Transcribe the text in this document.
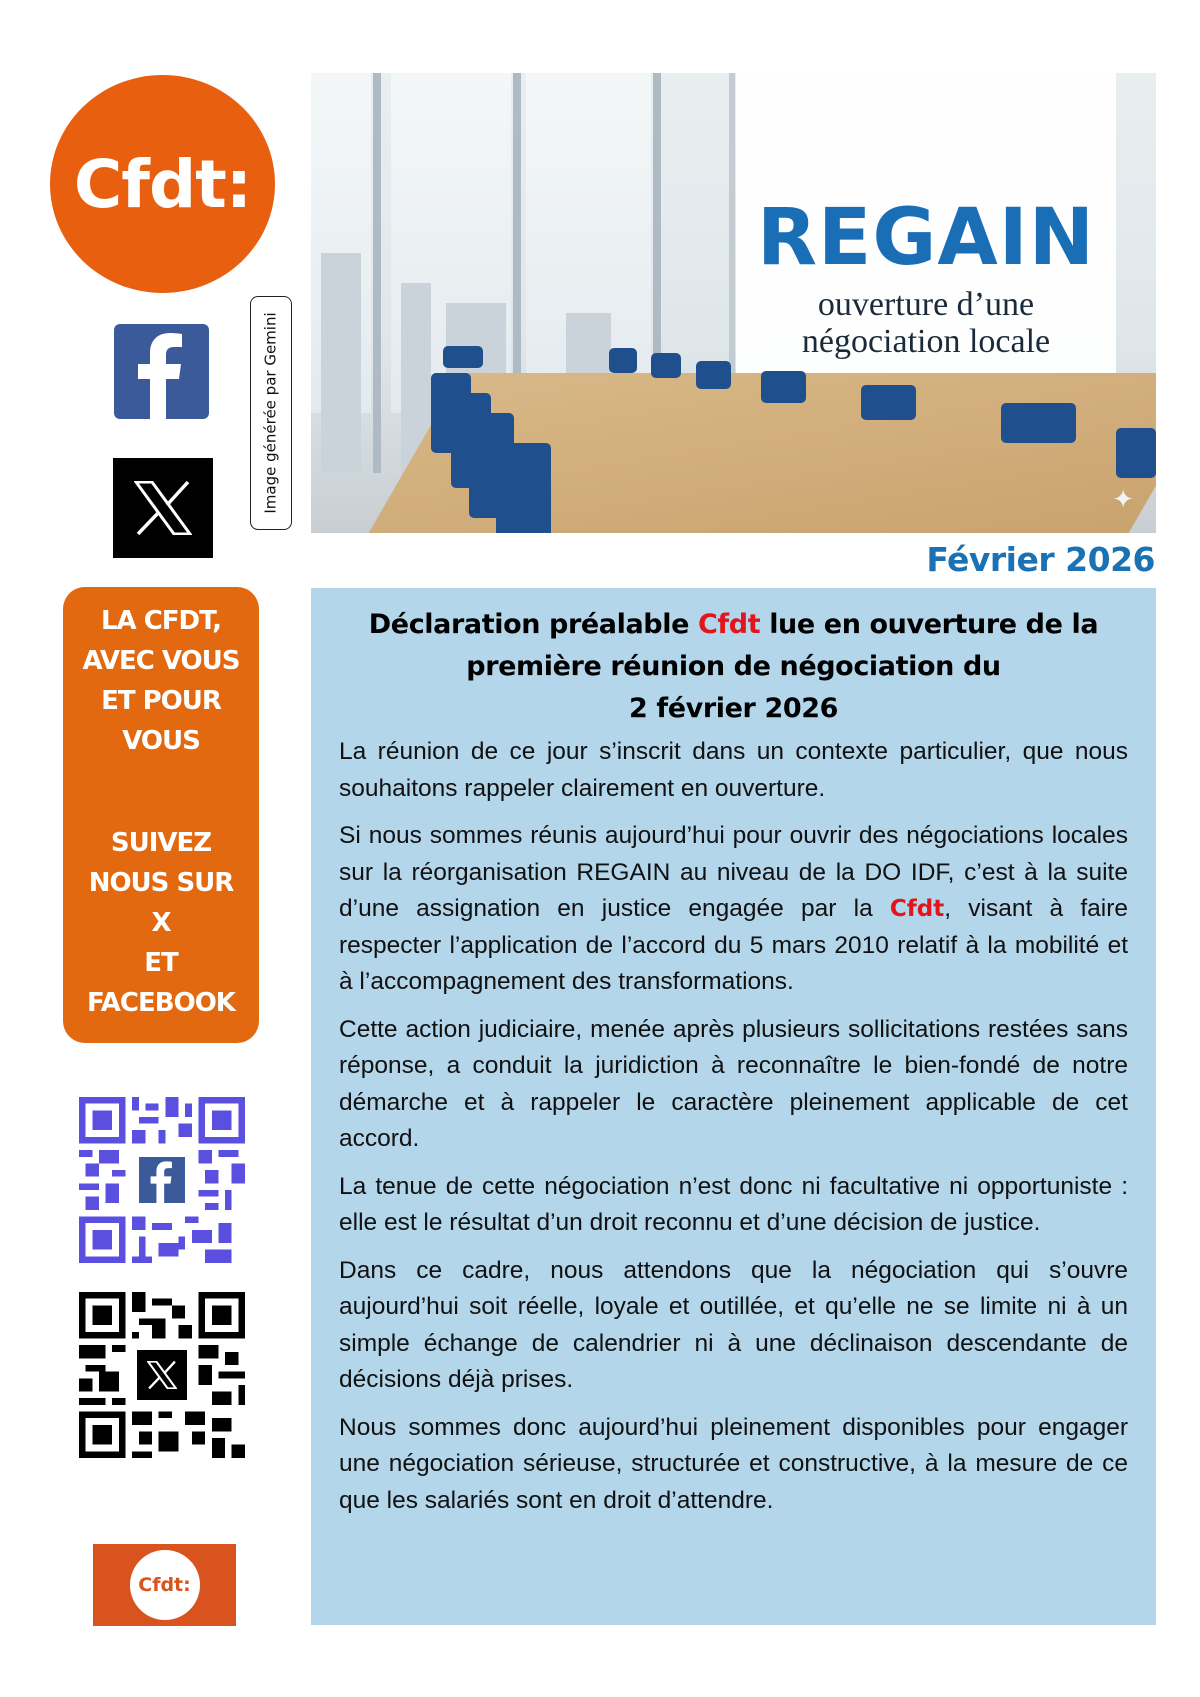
Cfdt:
Image générée par Gemini
LA CFDT,
AVEC VOUS
ET POUR
VOUS
SUIVEZ
NOUS SUR
X
ET
FACEBOOK
Cfdt:
REGAIN
ouverture d’une
négociation locale
✦
Février 2026
Déclaration préalable Cfdt lue en ouverture de la première réunion de négociation du
2 février 2026

La réunion de ce jour s’inscrit dans un contexte particulier, que nous souhaitons rappeler clairement en ouverture.

Si nous sommes réunis aujourd’hui pour ouvrir des négociations locales sur la réorganisation REGAIN au niveau de la DO IDF, c’est à la suite d’une assignation en justice engagée par la Cfdt, visant à faire respecter l’application de l’accord du 5 mars 2010 relatif à la mobilité et à l’accompagnement des transformations.

Cette action judiciaire, menée après plusieurs sollicitations restées sans réponse, a conduit la juridiction à reconnaître le bien-fondé de notre démarche et à rappeler le caractère pleinement applicable de cet accord.

La tenue de cette négociation n’est donc ni facultative ni opportuniste : elle est le résultat d’un droit reconnu et d’une décision de justice.

Dans ce cadre, nous attendons que la négociation qui s’ouvre aujourd’hui soit réelle, loyale et outillée, et qu’elle ne se limite ni à un simple échange de calendrier ni à une déclinaison descendante de décisions déjà prises.

Nous sommes donc aujourd’hui pleinement disponibles pour engager une négociation sérieuse, structurée et constructive, à la mesure de ce que les salariés sont en droit d’attendre.
